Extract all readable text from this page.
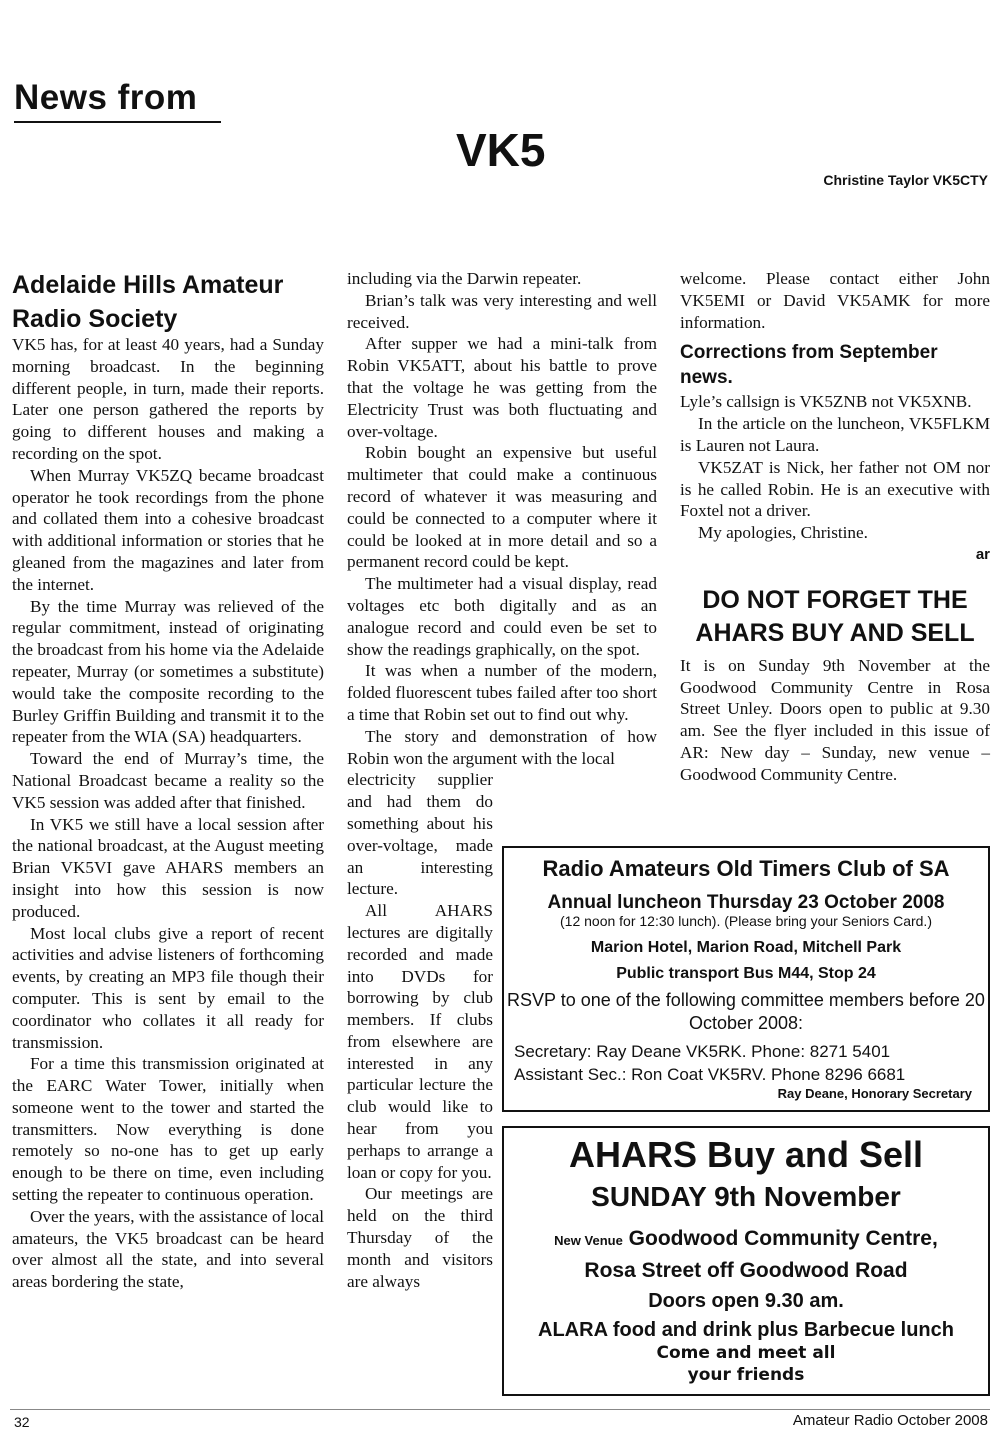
News from
VK5
Christine Taylor VK5CTY
Adelaide Hills Amateur Radio Society

VK5 has, for at least 40 years, had a Sunday morning broadcast. In the beginning different people, in turn, made their reports. Later one person gathered the reports by going to different houses and making a recording on the spot.

When Murray VK5ZQ became broadcast operator he took recordings from the phone and collated them into a cohesive broadcast with additional information or stories that he gleaned from the magazines and later from the internet.

By the time Murray was relieved of the regular commitment, instead of originating the broadcast from his home via the Adelaide repeater, Murray (or sometimes a substitute) would take the composite recording to the Burley Griffin Building and transmit it to the repeater from the WIA (SA) headquarters.

Toward the end of Murray’s time, the National Broadcast became a reality so the VK5 session was added after that finished.

In VK5 we still have a local session after the national broadcast, at the August meeting Brian VK5VI gave AHARS members an insight into how this session is now produced.

Most local clubs give a report of recent activities and advise listeners of forthcoming events, by creating an MP3 file though their computer. This is sent by email to the coordinator who collates it all ready for transmission.

For a time this transmission originated at the EARC Water Tower, initially when someone went to the tower and started the transmitters. Now everything is done remotely so no-one has to get up early enough to be there on time, even including setting the repeater to continuous operation.

Over the years, with the assistance of local amateurs, the VK5 broadcast can be heard over almost all the state, and into several areas bordering the state,

including via the Darwin repeater.

Brian’s talk was very interesting and well received.

After supper we had a mini-talk from Robin VK5ATT, about his battle to prove that the voltage he was getting from the Electricity Trust was both fluctuating and over-voltage.

Robin bought an expensive but useful multimeter that could make a continuous record of whatever it was measuring and could be connected to a computer where it could be looked at in more detail and so a permanent record could be kept.

The multimeter had a visual display, read voltages etc both digitally and as an analogue record and could even be set to show the readings graphically, on the spot.

It was when a number of the modern, folded fluorescent tubes failed after too short a time that Robin set out to find out why.

The story and demonstration of how Robin won the argument with the local

electricity supplier and had them do something about his over-voltage, made an interesting lecture.

All AHARS lectures are digitally recorded and made into DVDs for borrowing by club members. If clubs from elsewhere are interested in any particular lecture the club would like to hear from you perhaps to arrange a loan or copy for you.

Our meetings are held on the third Thursday of the month and visitors are always

welcome. Please contact either John VK5EMI or David VK5AMK for more information.

Corrections from September news.

Lyle’s callsign is VK5ZNB not VK5XNB.

In the article on the luncheon, VK5FLKM is Lauren not Laura.

VK5ZAT is Nick, her father not OM nor is he called Robin. He is an executive with Foxtel not a driver.

My apologies, Christine.

ar
DO NOT FORGET THE AHARS BUY AND SELL

It is on Sunday 9th November at the Goodwood Community Centre in Rosa Street Unley. Doors open to public at 9.30 am. See the flyer included in this issue of AR: New day – Sunday, new venue – Goodwood Community Centre.

Radio Amateurs Old Timers Club of SA
Annual luncheon Thursday 23 October 2008
(12 noon for 12:30 lunch). (Please bring your Seniors Card.)
Marion Hotel, Marion Road, Mitchell Park
Public transport Bus M44, Stop 24
RSVP to one of the following committee members before 20 October 2008:
Secretary: Ray Deane VK5RK. Phone: 8271 5401
Assistant Sec.: Ron Coat VK5RV. Phone 8296 6681
Ray Deane, Honorary Secretary
AHARS Buy and Sell
SUNDAY 9th November
New Venue Goodwood Community Centre,
Rosa Street off Goodwood Road
Doors open 9.30 am.
ALARA food and drink plus Barbecue lunch
Come and meet all your friends
32	Amateur Radio October 2008
